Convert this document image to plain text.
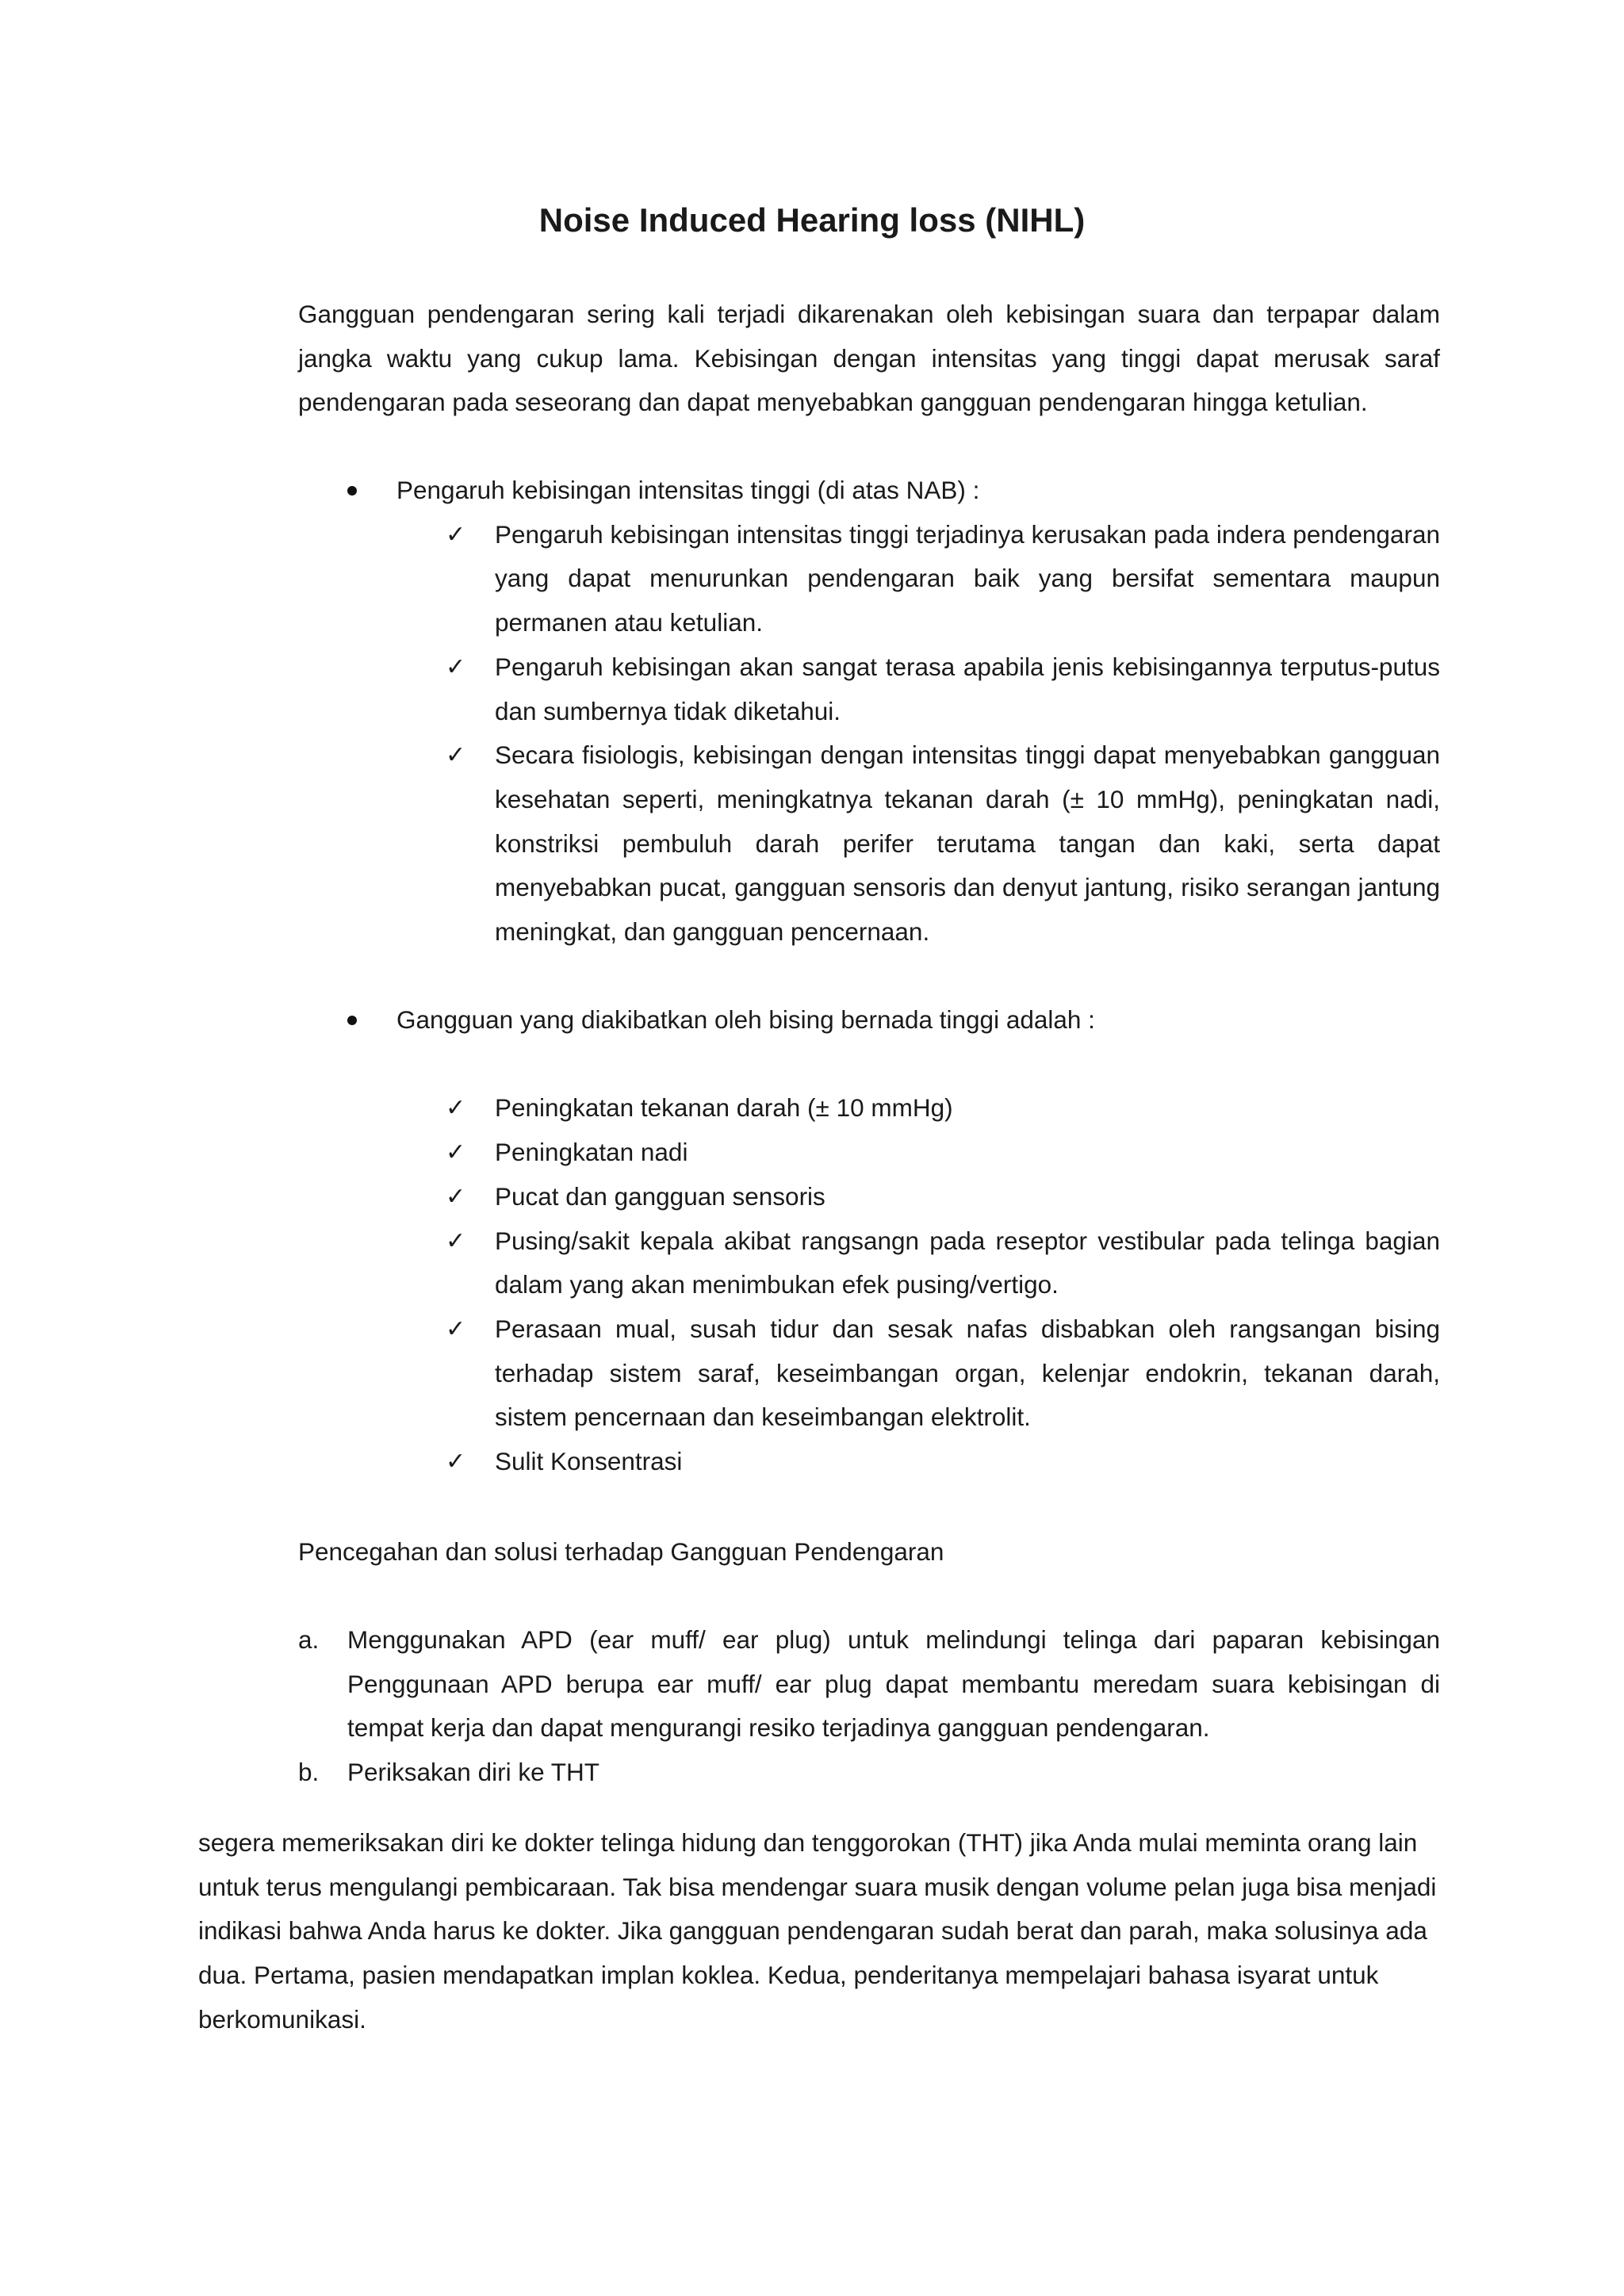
Noise Induced Hearing loss (NIHL)

Gangguan pendengaran sering kali terjadi dikarenakan oleh kebisingan suara dan terpapar dalam jangka waktu yang cukup lama. Kebisingan dengan intensitas yang tinggi dapat merusak saraf pendengaran pada seseorang dan dapat menyebabkan gangguan pendengaran hingga ketulian.

Pengaruh kebisingan intensitas tinggi (di atas NAB) :

✓ Pengaruh kebisingan intensitas tinggi terjadinya kerusakan pada indera pendengaran yang dapat menurunkan pendengaran baik yang bersifat sementara maupun permanen atau ketulian.
✓ Pengaruh kebisingan akan sangat terasa apabila jenis kebisingannya terputus-putus dan sumbernya tidak diketahui.
✓ Secara fisiologis, kebisingan dengan intensitas tinggi dapat menyebabkan gangguan kesehatan seperti, meningkatnya tekanan darah (± 10 mmHg), peningkatan nadi, konstriksi pembuluh darah perifer terutama tangan dan kaki, serta dapat menyebabkan pucat, gangguan sensoris dan denyut jantung, risiko serangan jantung meningkat, dan gangguan pencernaan.

Gangguan yang diakibatkan oleh bising bernada tinggi adalah :

✓ Peningkatan tekanan darah (± 10 mmHg)
✓ Peningkatan nadi
✓ Pucat dan gangguan sensoris
✓ Pusing/sakit kepala akibat rangsangn pada reseptor vestibular pada telinga bagian dalam yang akan menimbukan efek pusing/vertigo.
✓ Perasaan mual, susah tidur dan sesak nafas disbabkan oleh rangsangan bising terhadap sistem saraf, keseimbangan organ, kelenjar endokrin, tekanan darah, sistem pencernaan dan keseimbangan elektrolit.
✓ Sulit Konsentrasi

Pencegahan dan solusi terhadap Gangguan Pendengaran

a. Menggunakan APD (ear muff/ ear plug) untuk melindungi telinga dari paparan kebisingan Penggunaan APD berupa ear muff/ ear plug dapat membantu meredam suara kebisingan di tempat kerja dan dapat mengurangi resiko terjadinya gangguan pendengaran.
b. Periksakan diri ke THT

segera memeriksakan diri ke dokter telinga hidung dan tenggorokan (THT) jika Anda mulai meminta orang lain untuk terus mengulangi pembicaraan. Tak bisa mendengar suara musik dengan volume pelan juga bisa menjadi indikasi bahwa Anda harus ke dokter. Jika gangguan pendengaran sudah berat dan parah, maka solusinya ada dua. Pertama, pasien mendapatkan implan koklea. Kedua, penderitanya mempelajari bahasa isyarat untuk berkomunikasi.
